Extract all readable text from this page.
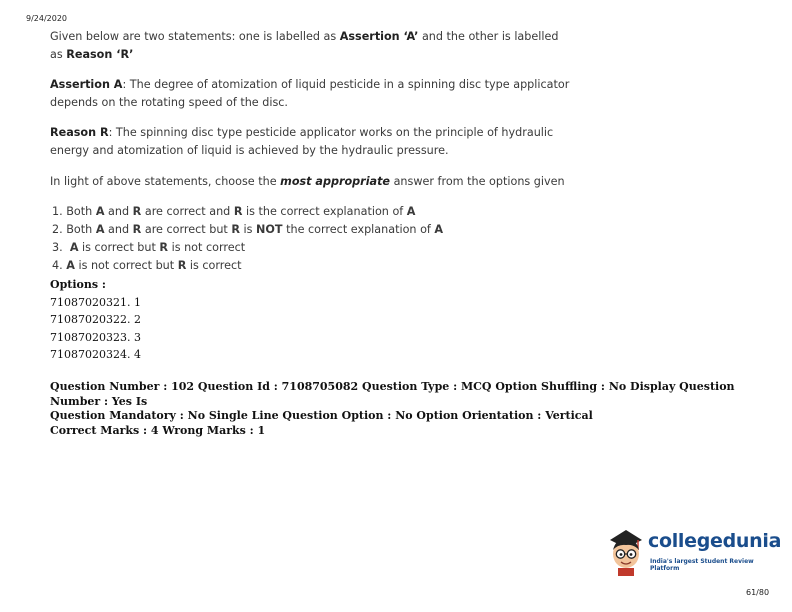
9/24/2020
Given below are two statements: one is labelled as Assertion ‘A’ and the other is labelled as Reason ‘R’
Assertion A: The degree of atomization of liquid pesticide in a spinning disc type applicator depends on the rotating speed of the disc.
Reason R: The spinning disc type pesticide applicator works on the principle of hydraulic energy and atomization of liquid is achieved by the hydraulic pressure.
In light of above statements, choose the most appropriate answer from the options given
1. Both A and R are correct and R is the correct explanation of A
2. Both A and R are correct but R is NOT the correct explanation of A
3. A is correct but R is not correct
4. A is not correct but R is correct
Options :
71087020321. 1
71087020322. 2
71087020323. 3
71087020324. 4
Question Number : 102 Question Id : 7108705082 Question Type : MCQ Option Shuffling : No Display Question Number : Yes Is
Question Mandatory : No Single Line Question Option : No Option Orientation : Vertical
Correct Marks : 4 Wrong Marks : 1
collegedunia
India's largest Student Review Platform
61/80
